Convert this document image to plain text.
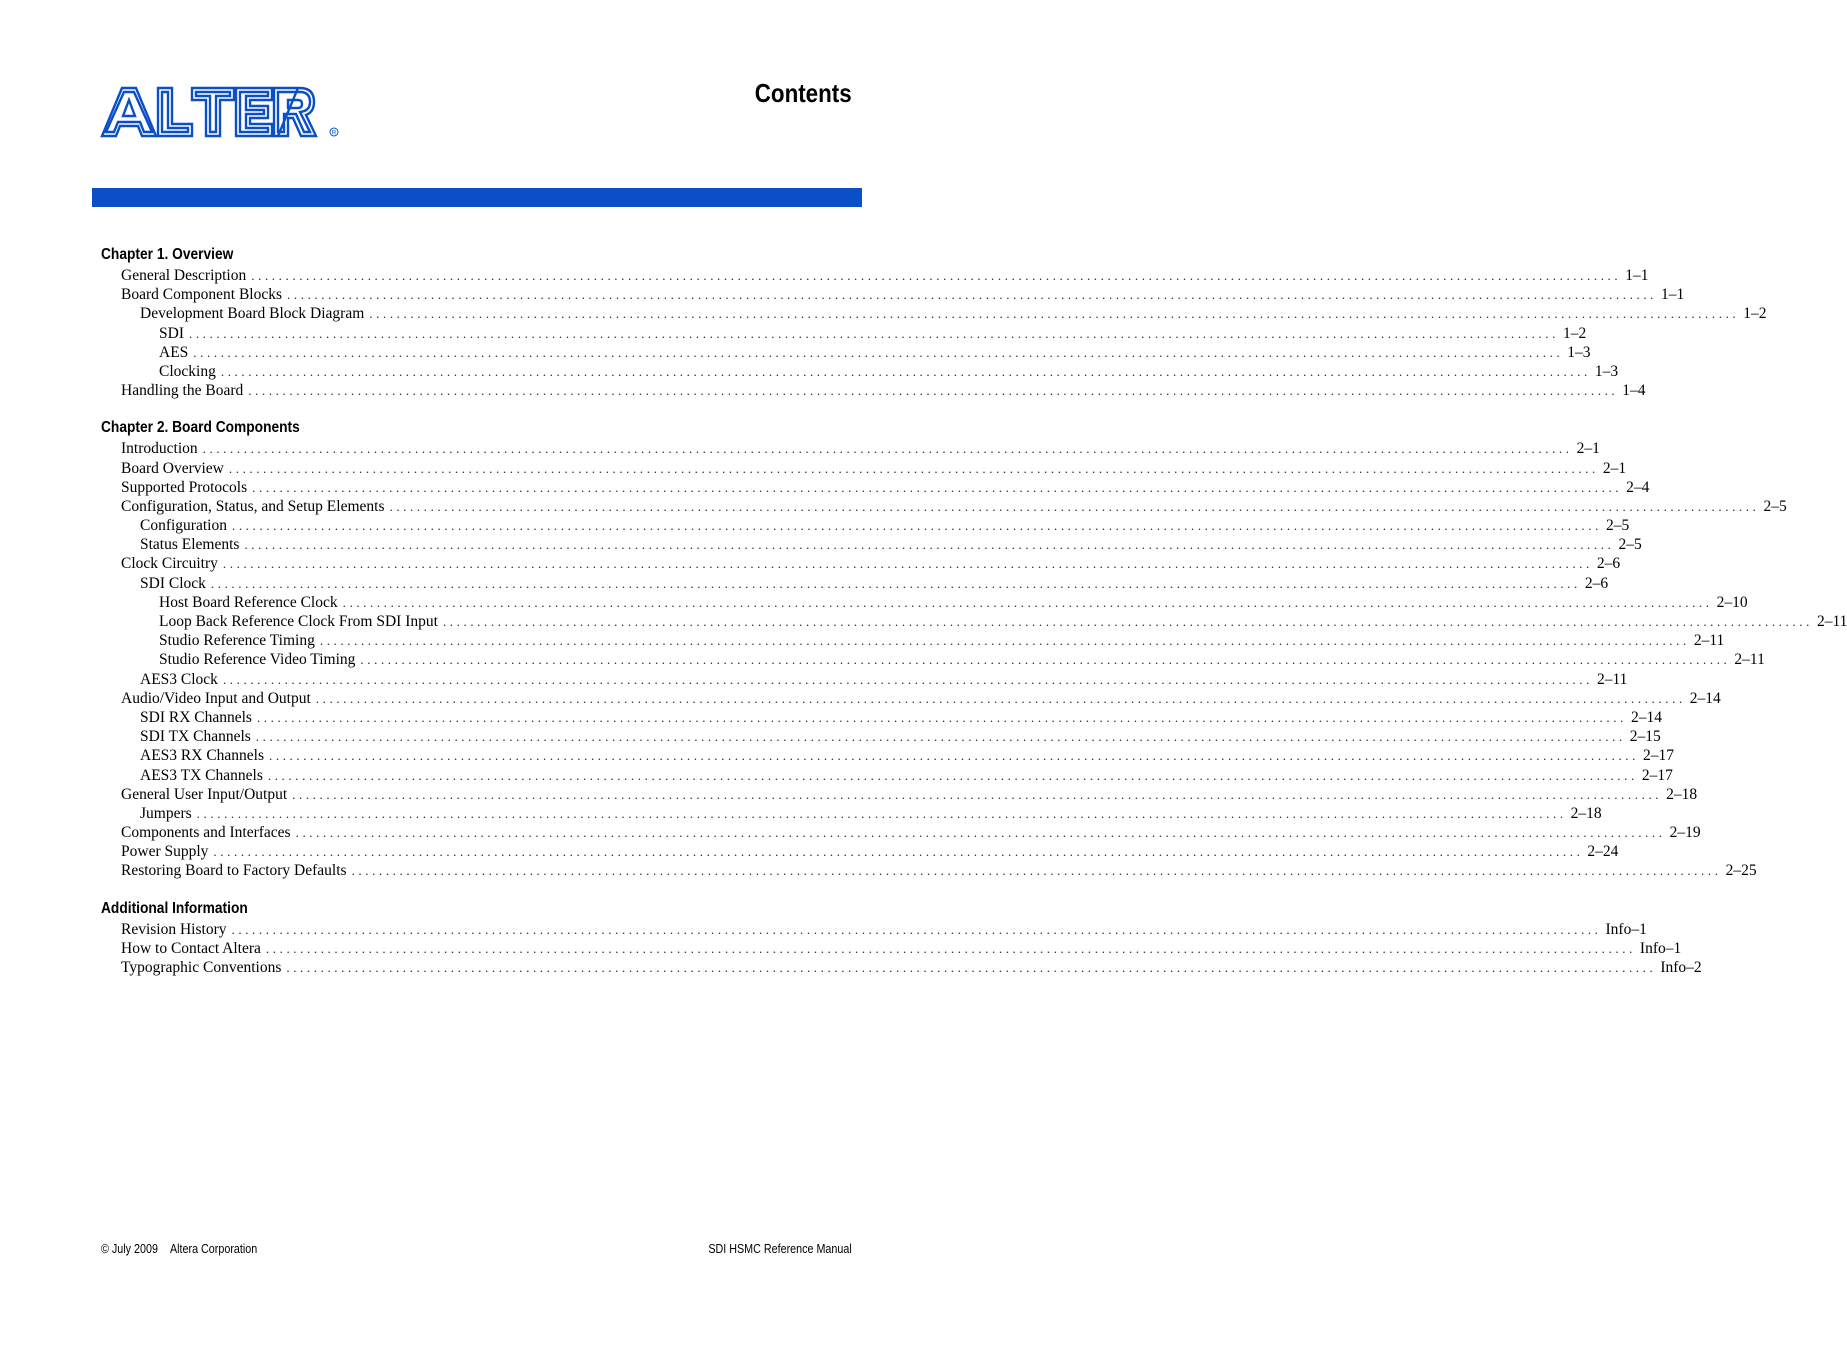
R
Contents
Chapter 1. Overview
General Description ........................................................................................................................................................................................................ 1–1
Board Component Blocks ........................................................................................................................................................................................................ 1–1
Development Board Block Diagram ........................................................................................................................................................................................................ 1–2
SDI ........................................................................................................................................................................................................ 1–2
AES ........................................................................................................................................................................................................ 1–3
Clocking ........................................................................................................................................................................................................ 1–3
Handling the Board ........................................................................................................................................................................................................ 1–4
Chapter 2. Board Components
Introduction ........................................................................................................................................................................................................ 2–1
Board Overview ........................................................................................................................................................................................................ 2–1
Supported Protocols ........................................................................................................................................................................................................ 2–4
Configuration, Status, and Setup Elements ........................................................................................................................................................................................................ 2–5
Configuration ........................................................................................................................................................................................................ 2–5
Status Elements ........................................................................................................................................................................................................ 2–5
Clock Circuitry ........................................................................................................................................................................................................ 2–6
SDI Clock ........................................................................................................................................................................................................ 2–6
Host Board Reference Clock ........................................................................................................................................................................................................ 2–10
Loop Back Reference Clock From SDI Input ........................................................................................................................................................................................................ 2–11
Studio Reference Timing ........................................................................................................................................................................................................ 2–11
Studio Reference Video Timing ........................................................................................................................................................................................................ 2–11
AES3 Clock ........................................................................................................................................................................................................ 2–11
Audio/Video Input and Output ........................................................................................................................................................................................................ 2–14
SDI RX Channels ........................................................................................................................................................................................................ 2–14
SDI TX Channels ........................................................................................................................................................................................................ 2–15
AES3 RX Channels ........................................................................................................................................................................................................ 2–17
AES3 TX Channels ........................................................................................................................................................................................................ 2–17
General User Input/Output ........................................................................................................................................................................................................ 2–18
Jumpers ........................................................................................................................................................................................................ 2–18
Components and Interfaces ........................................................................................................................................................................................................ 2–19
Power Supply ........................................................................................................................................................................................................ 2–24
Restoring Board to Factory Defaults ........................................................................................................................................................................................................ 2–25
Additional Information
Revision History ........................................................................................................................................................................................................ Info–1
How to Contact Altera ........................................................................................................................................................................................................ Info–1
Typographic Conventions ........................................................................................................................................................................................................ Info–2
© July 2009 Altera Corporation	SDI HSMC Reference Manual
